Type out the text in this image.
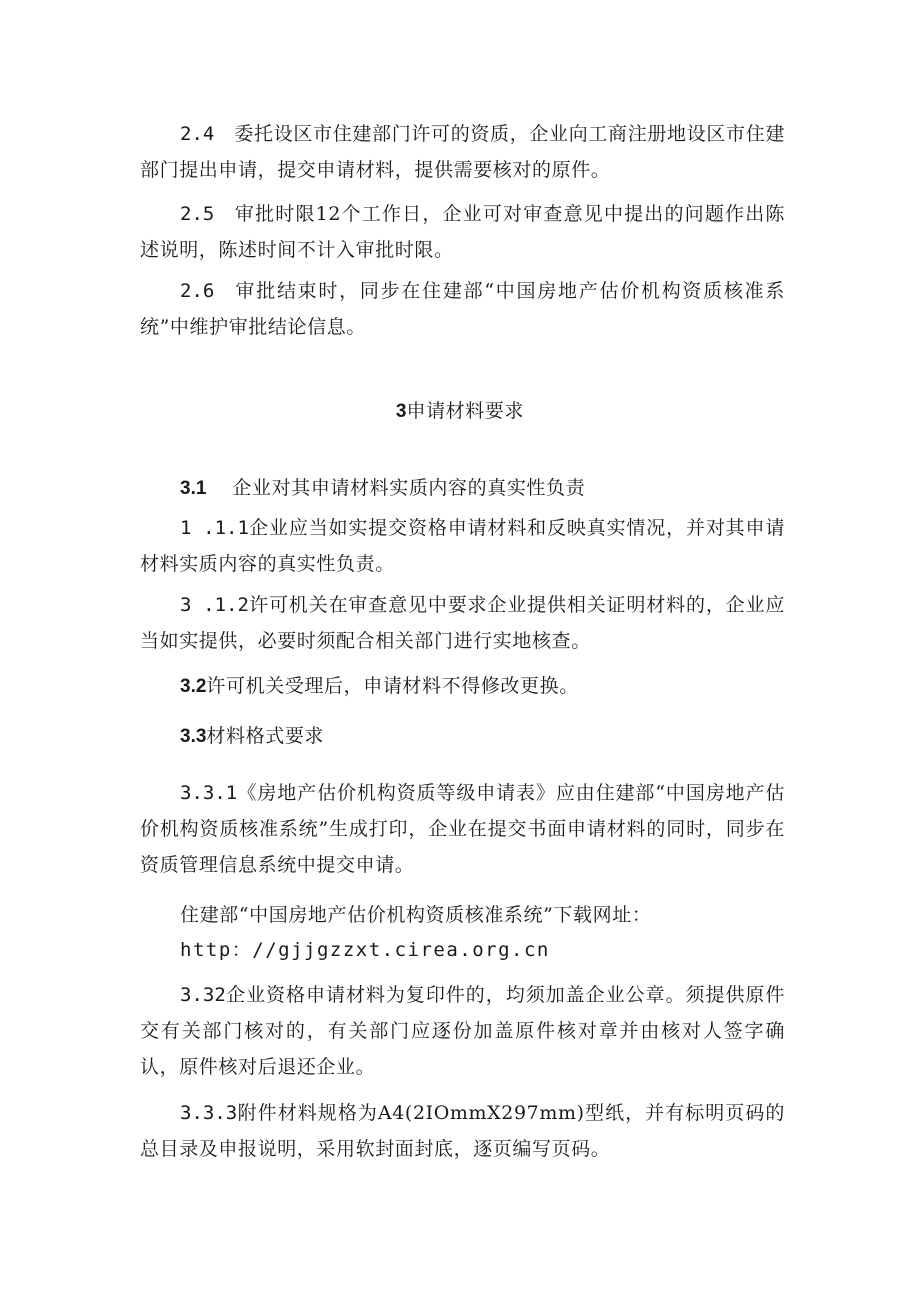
2.4 委托设区市住建部门许可的资质，企业向工商注册地设区市住建部门提出申请，提交申请材料，提供需要核对的原件。

2.5 审批时限12个工作日，企业可对审查意见中提出的问题作出陈述说明，陈述时间不计入审批时限。

2.6 审批结束时，同步在住建部“中国房地产估价机构资质核准系统”中维护审批结论信息。

3申请材料要求

3.1 企业对其申请材料实质内容的真实性负责

1 .1.1企业应当如实提交资格申请材料和反映真实情况，并对其申请材料实质内容的真实性负责。

3 .1.2许可机关在审查意见中要求企业提供相关证明材料的，企业应当如实提供，必要时须配合相关部门进行实地核查。

3.2许可机关受理后，申请材料不得修改更换。

3.3材料格式要求

3.3.1《房地产估价机构资质等级申请表》应由住建部“中国房地产估价机构资质核准系统”生成打印，企业在提交书面申请材料的同时，同步在资质管理信息系统中提交申请。

住建部“中国房地产估价机构资质核准系统”下载网址：

http：//gjjgzzxt.cirea.org.cn

3.32企业资格申请材料为复印件的，均须加盖企业公章。须提供原件交有关部门核对的，有关部门应逐份加盖原件核对章并由核对人签字确认，原件核对后退还企业。

3.3.3附件材料规格为A4(2IOmmX297mm)型纸，并有标明页码的总目录及申报说明，采用软封面封底，逐页编写页码。
